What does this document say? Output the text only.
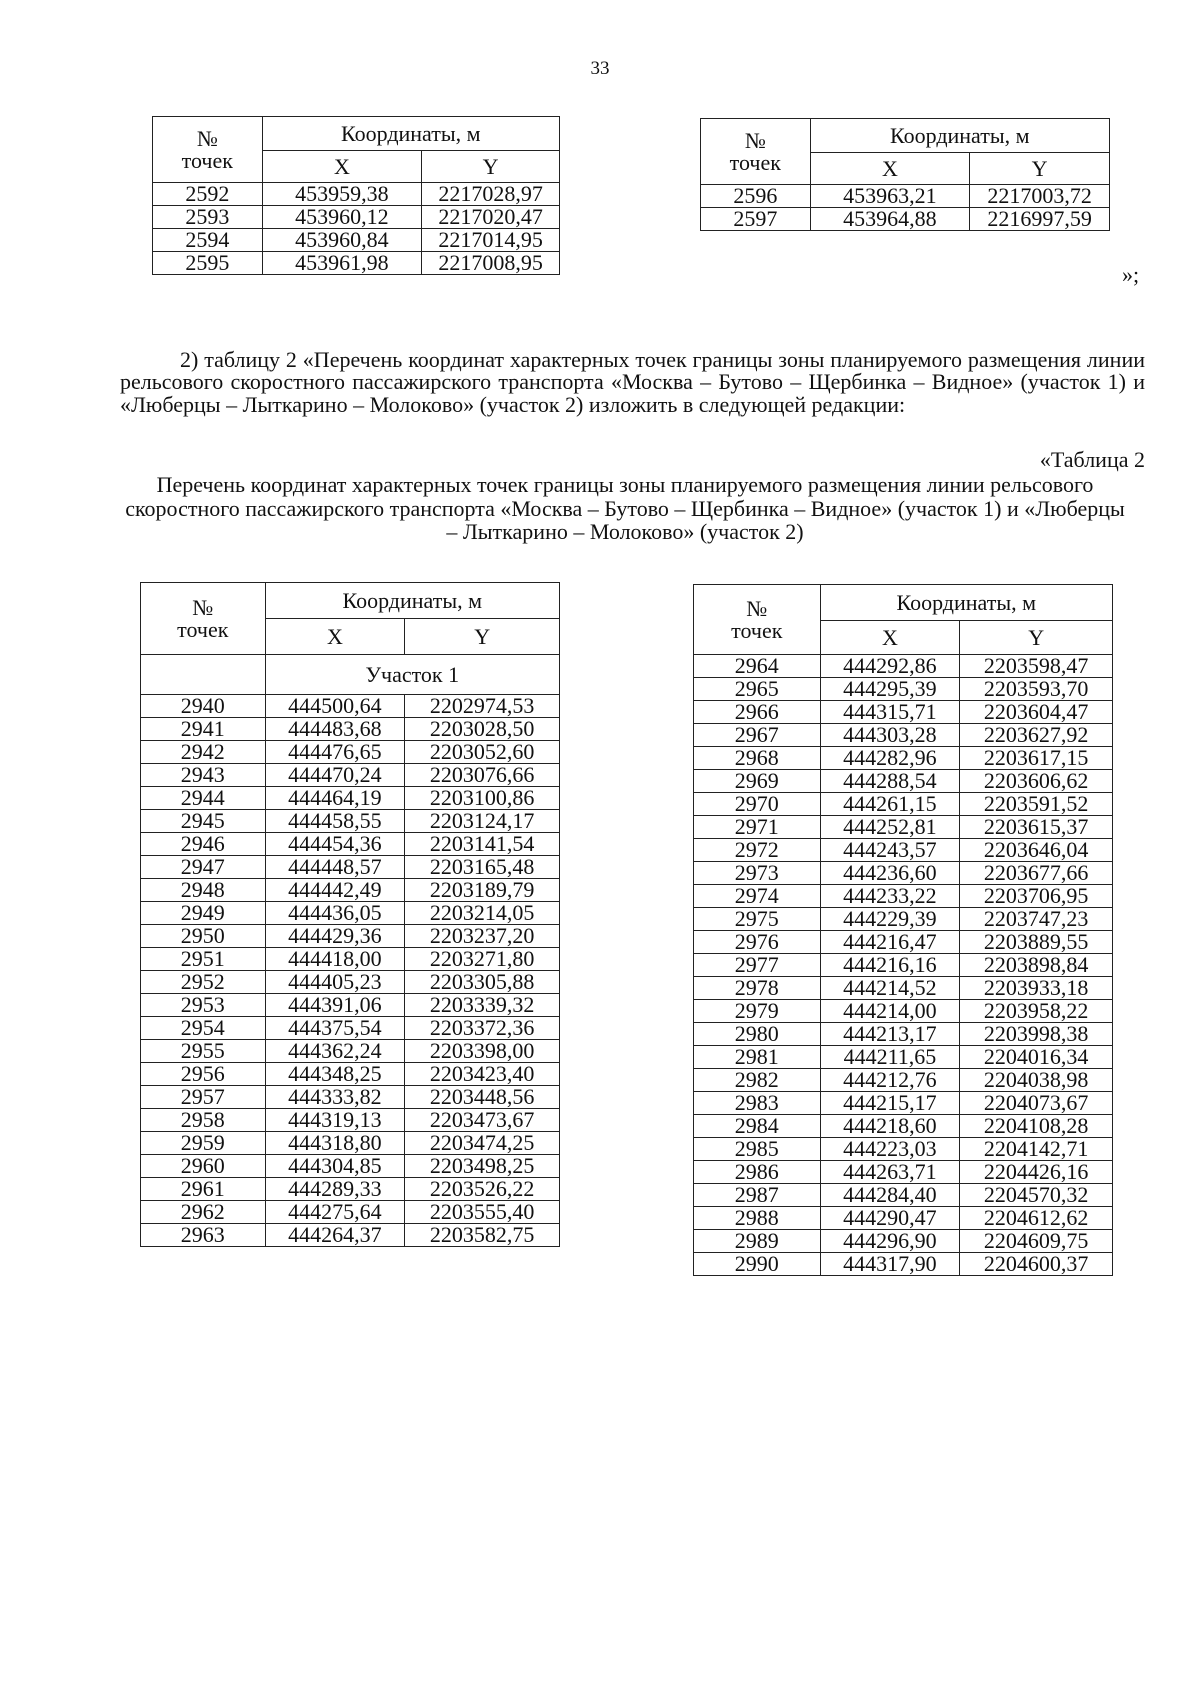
33
№
точек	Координаты, м	
	X	Y
2592	453959,38	2217028,97
2593	453960,12	2217020,47
2594	453960,84	2217014,95
2595	453961,98	2217008,95
№
точек	Координаты, м	
	X	Y
2596	453963,21	2217003,72
2597	453964,88	2216997,59
»;

2) таблицу 2 «Перечень координат характерных точек границы зоны планируемого размещения линии рельсового скоростного пассажирского транспорта «Москва – Бутово – Щербинка – Видное» (участок 1) и «Люберцы – Лыткарино – Молоково» (участок 2) изложить в следующей редакции:

«Таблица 2

Перечень координат характерных точек границы зоны планируемого размещения линии рельсового скоростного пассажирского транспорта «Москва – Бутово – Щербинка – Видное» (участок 1) и «Люберцы – Лыткарино – Молоково» (участок 2)

№
точек	Координаты, м	
	X	Y
	Участок 1	
2940	444500,64	2202974,53
2941	444483,68	2203028,50
2942	444476,65	2203052,60
2943	444470,24	2203076,66
2944	444464,19	2203100,86
2945	444458,55	2203124,17
2946	444454,36	2203141,54
2947	444448,57	2203165,48
2948	444442,49	2203189,79
2949	444436,05	2203214,05
2950	444429,36	2203237,20
2951	444418,00	2203271,80
2952	444405,23	2203305,88
2953	444391,06	2203339,32
2954	444375,54	2203372,36
2955	444362,24	2203398,00
2956	444348,25	2203423,40
2957	444333,82	2203448,56
2958	444319,13	2203473,67
2959	444318,80	2203474,25
2960	444304,85	2203498,25
2961	444289,33	2203526,22
2962	444275,64	2203555,40
2963	444264,37	2203582,75
№
точек	Координаты, м	
	X	Y
2964	444292,86	2203598,47
2965	444295,39	2203593,70
2966	444315,71	2203604,47
2967	444303,28	2203627,92
2968	444282,96	2203617,15
2969	444288,54	2203606,62
2970	444261,15	2203591,52
2971	444252,81	2203615,37
2972	444243,57	2203646,04
2973	444236,60	2203677,66
2974	444233,22	2203706,95
2975	444229,39	2203747,23
2976	444216,47	2203889,55
2977	444216,16	2203898,84
2978	444214,52	2203933,18
2979	444214,00	2203958,22
2980	444213,17	2203998,38
2981	444211,65	2204016,34
2982	444212,76	2204038,98
2983	444215,17	2204073,67
2984	444218,60	2204108,28
2985	444223,03	2204142,71
2986	444263,71	2204426,16
2987	444284,40	2204570,32
2988	444290,47	2204612,62
2989	444296,90	2204609,75
2990	444317,90	2204600,37
